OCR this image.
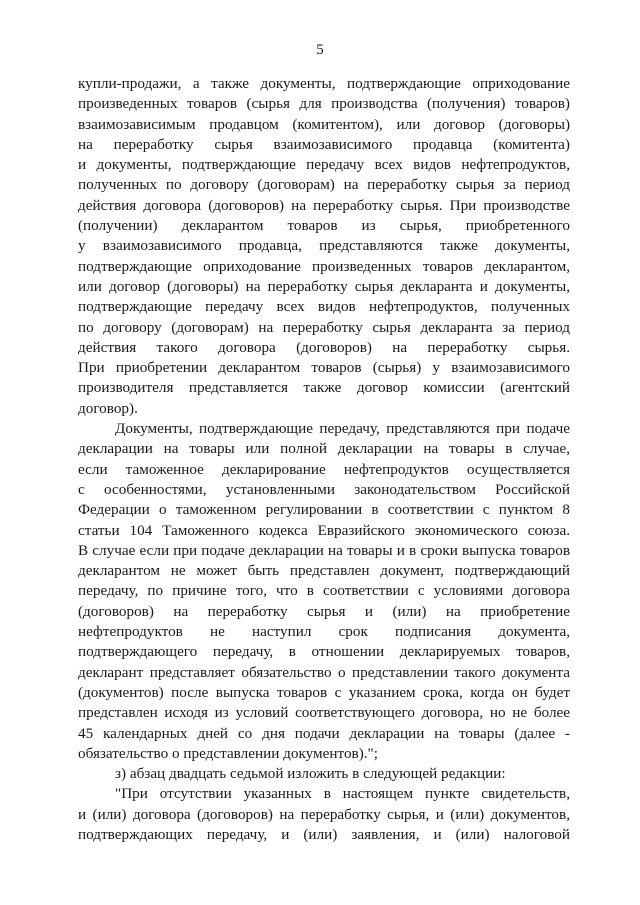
5
купли-продажи, а также документы, подтверждающие оприходование
произведенных товаров (сырья для производства (получения) товаров)
взаимозависимым продавцом (комитентом), или договор (договоры)
на переработку сырья взаимозависимого продавца (комитента)
и документы, подтверждающие передачу всех видов нефтепродуктов,
полученных по договору (договорам) на переработку сырья за период
действия договора (договоров) на переработку сырья. При производстве
(получении) декларантом товаров из сырья, приобретенного
у взаимозависимого продавца, представляются также документы,
подтверждающие оприходование произведенных товаров декларантом,
или договор (договоры) на переработку сырья декларанта и документы,
подтверждающие передачу всех видов нефтепродуктов, полученных
по договору (договорам) на переработку сырья декларанта за период
действия такого договора (договоров) на переработку сырья.
При приобретении декларантом товаров (сырья) у взаимозависимого
производителя представляется также договор комиссии (агентский
договор).
Документы, подтверждающие передачу, представляются при подаче
декларации на товары или полной декларации на товары в случае,
если таможенное декларирование нефтепродуктов осуществляется
с особенностями, установленными законодательством Российской
Федерации о таможенном регулировании в соответствии с пунктом 8
статьи 104 Таможенного кодекса Евразийского экономического союза.
В случае если при подаче декларации на товары и в сроки выпуска товаров
декларантом не может быть представлен документ, подтверждающий
передачу, по причине того, что в соответствии с условиями договора
(договоров) на переработку сырья и (или) на приобретение
нефтепродуктов не наступил срок подписания документа,
подтверждающего передачу, в отношении декларируемых товаров,
декларант представляет обязательство о представлении такого документа
(документов) после выпуска товаров с указанием срока, когда он будет
представлен исходя из условий соответствующего договора, но не более
45 календарных дней со дня подачи декларации на товары (далее -
обязательство о представлении документов).";
з) абзац двадцать седьмой изложить в следующей редакции:
"При отсутствии указанных в настоящем пункте свидетельств,
и (или) договора (договоров) на переработку сырья, и (или) документов,
подтверждающих передачу, и (или) заявления, и (или) налоговой
